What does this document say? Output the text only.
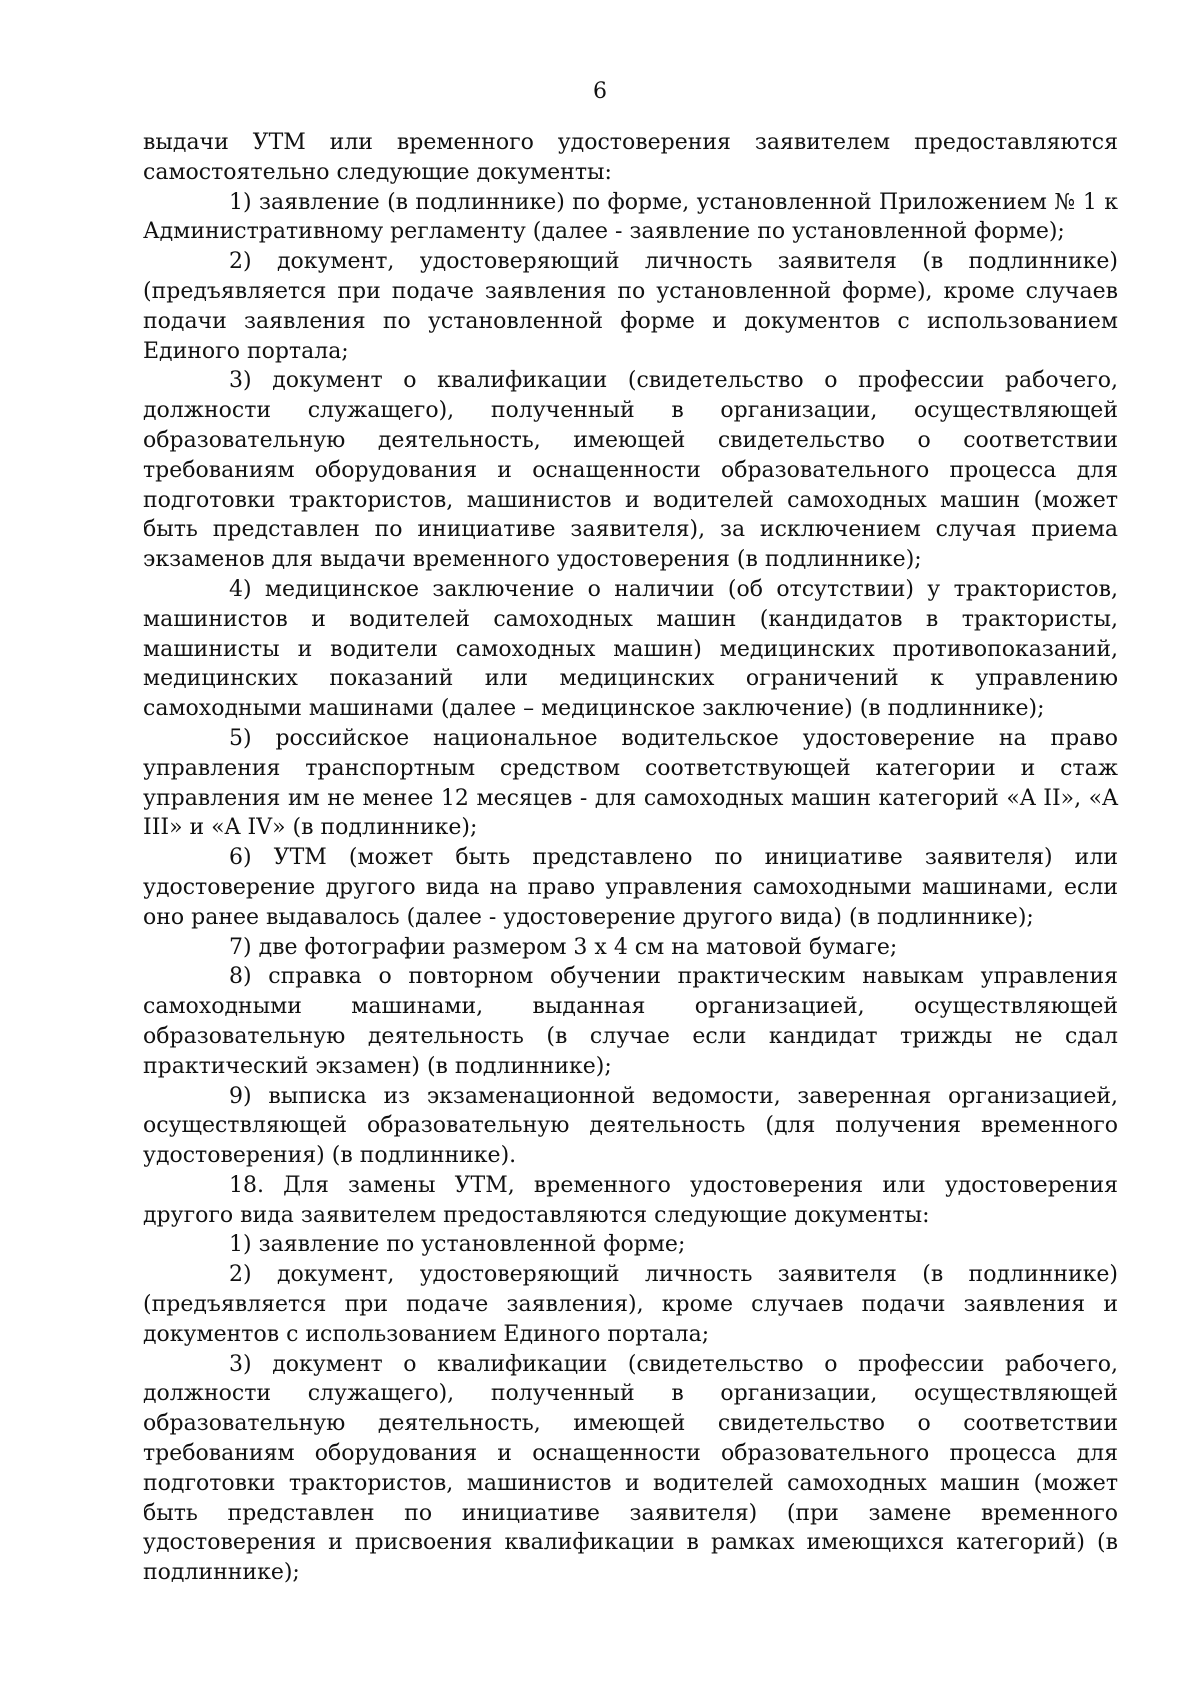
6

выдачи УТМ или временного удостоверения заявителем предоставляются самостоятельно следующие документы:

1) заявление (в подлиннике) по форме, установленной Приложением № 1 к Административному регламенту (далее - заявление по установленной форме);

2) документ, удостоверяющий личность заявителя (в подлиннике) (предъявляется при подаче заявления по установленной форме), кроме случаев подачи заявления по установленной форме и документов с использованием Единого портала;

3) документ о квалификации (свидетельство о профессии рабочего, должности служащего), полученный в организации, осуществляющей образовательную деятельность, имеющей свидетельство о соответствии требованиям оборудования и оснащенности образовательного процесса для подготовки трактористов, машинистов и водителей самоходных машин (может быть представлен по инициативе заявителя), за исключением случая приема экзаменов для выдачи временного удостоверения (в подлиннике);

4) медицинское заключение о наличии (об отсутствии) у трактористов, машинистов и водителей самоходных машин (кандидатов в трактористы, машинисты и водители самоходных машин) медицинских противопоказаний, медицинских показаний или медицинских ограничений к управлению самоходными машинами (далее – медицинское заключение) (в подлиннике);

5) российское национальное водительское удостоверение на право управления транспортным средством соответствующей категории и стаж управления им не менее 12 месяцев - для самоходных машин категорий «A II», «A III» и «A IV» (в подлиннике);

6) УТМ (может быть представлено по инициативе заявителя) или удостоверение другого вида на право управления самоходными машинами, если оно ранее выдавалось (далее - удостоверение другого вида) (в подлиннике);

7) две фотографии размером 3 х 4 см на матовой бумаге;

8) справка о повторном обучении практическим навыкам управления самоходными машинами, выданная организацией, осуществляющей образовательную деятельность (в случае если кандидат трижды не сдал практический экзамен) (в подлиннике);

9) выписка из экзаменационной ведомости, заверенная организацией, осуществляющей образовательную деятельность (для получения временного удостоверения) (в подлиннике).

18. Для замены УТМ, временного удостоверения или удостоверения другого вида заявителем предоставляются следующие документы:

1) заявление по установленной форме;

2) документ, удостоверяющий личность заявителя (в подлиннике) (предъявляется при подаче заявления), кроме случаев подачи заявления и документов с использованием Единого портала;

3) документ о квалификации (свидетельство о профессии рабочего, должности служащего), полученный в организации, осуществляющей образовательную деятельность, имеющей свидетельство о соответствии требованиям оборудования и оснащенности образовательного процесса для подготовки трактористов, машинистов и водителей самоходных машин (может быть представлен по инициативе заявителя) (при замене временного удостоверения и присвоения квалификации в рамках имеющихся категорий) (в подлиннике);
